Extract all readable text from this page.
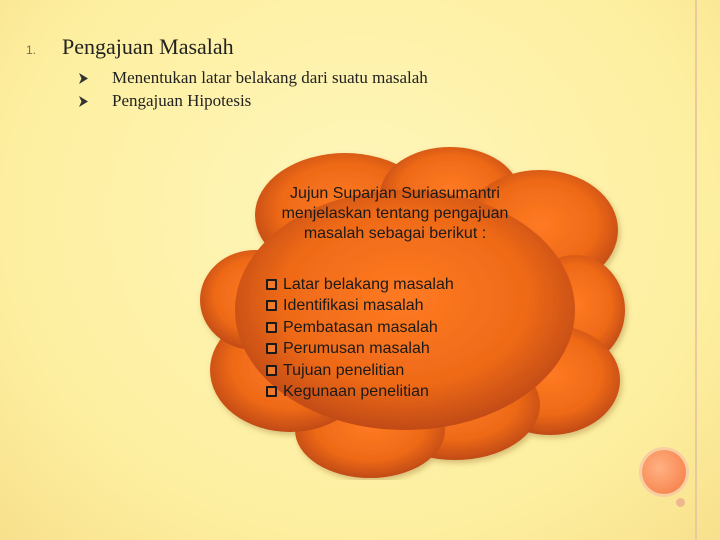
1. Pengajuan Masalah
Menentukan latar belakang dari suatu masalah
Pengajuan Hipotesis
Jujun Suparjan Suriasumantri menjelaskan tentang pengajuan masalah sebagai berikut :
Latar belakang masalah
Identifikasi masalah
Pembatasan masalah
Perumusan masalah
Tujuan penelitian
Kegunaan penelitian
